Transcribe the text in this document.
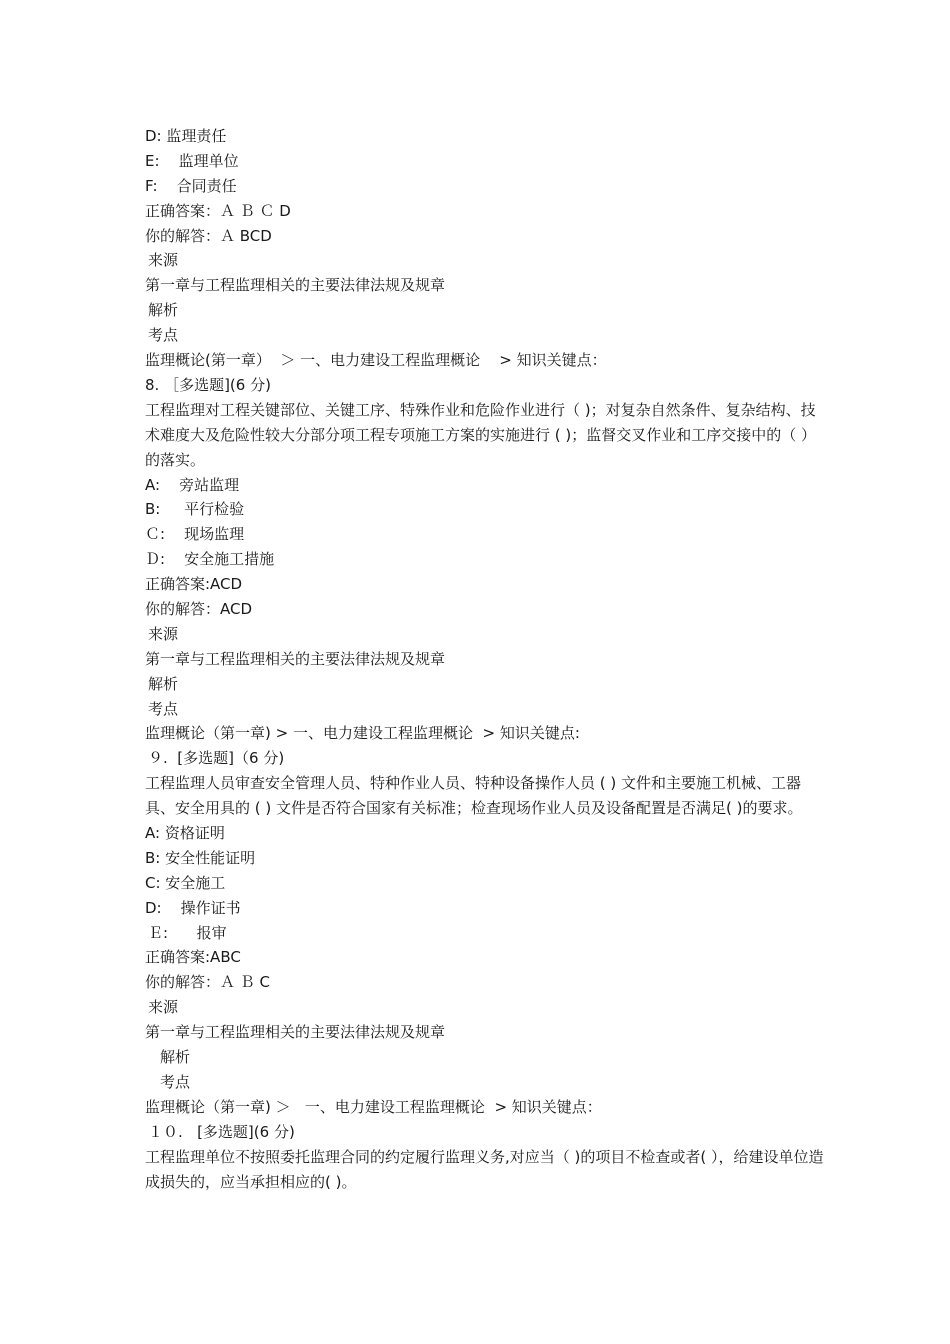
D: 监理责任
E:    监理单位
F:    合同责任
正确答案：Ａ Ｂ Ｃ D
你的解答：Ａ BCD
来源
第一章与工程监理相关的主要法律法规及规章
解析
考点
监理概论(第一章）  ＞ 一、电力建设工程监理概论    > 知识关键点：
8. ［多选题](6 分)
工程监理对工程关键部位、关键工序、特殊作业和危险作业进行（ )；对复杂自然条件、复杂结构、技术难度大及危险性较大分部分项工程专项施工方案的实施进行 ( )；监督交叉作业和工序交接中的（ ）的落实。
A:    旁站监理
B:     平行检验
Ｃ:    现场监理
Ｄ:    安全施工措施
正确答案:ACD
你的解答：ACD
来源
第一章与工程监理相关的主要法律法规及规章
解析
考点
监理概论（第一章) > 一、电力建设工程监理概论  > 知识关键点:
９.  [多选题]（6 分)
工程监理人员审查安全管理人员、特种作业人员、特种设备操作人员 ( ) 文件和主要施工机械、工器具、安全用具的 ( ) 文件是否符合国家有关标准；检查现场作业人员及设备配置是否满足( )的要求。
A: 资格证明
B: 安全性能证明
C: 安全施工
D:    操作证书
Ｅ:      报审
正确答案:ABC
你的解答：Ａ Ｂ C
来源
第一章与工程监理相关的主要法律法规及规章
解析
考点
监理概论（第一章) ＞   一、电力建设工程监理概论  > 知识关键点：
１０.   [多选题](6 分)
工程监理单位不按照委托监理合同的约定履行监理义务,对应当（ )的项目不检查或者( ），给建设单位造成损失的，应当承担相应的( )。
